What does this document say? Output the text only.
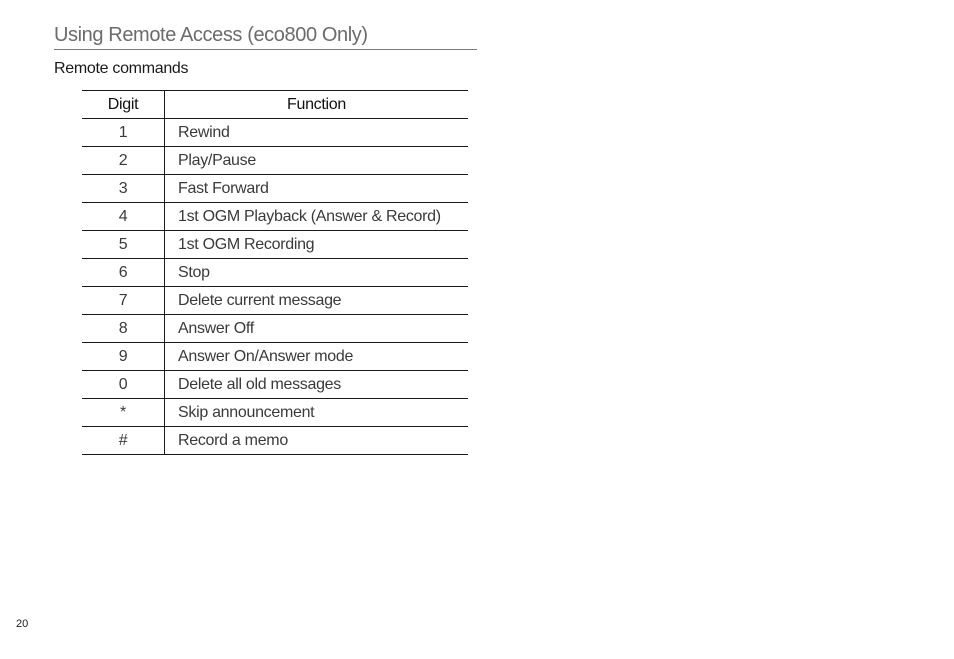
Using Remote Access (eco800 Only)
Remote commands
Digit	Function
1	Rewind
2	Play/Pause
3	Fast Forward
4	1st OGM Playback (Answer & Record)
5	1st OGM Recording
6	Stop
7	Delete current message
8	Answer Off
9	Answer On/Answer mode
0	Delete all old messages
*	Skip announcement
#	Record a memo
20
